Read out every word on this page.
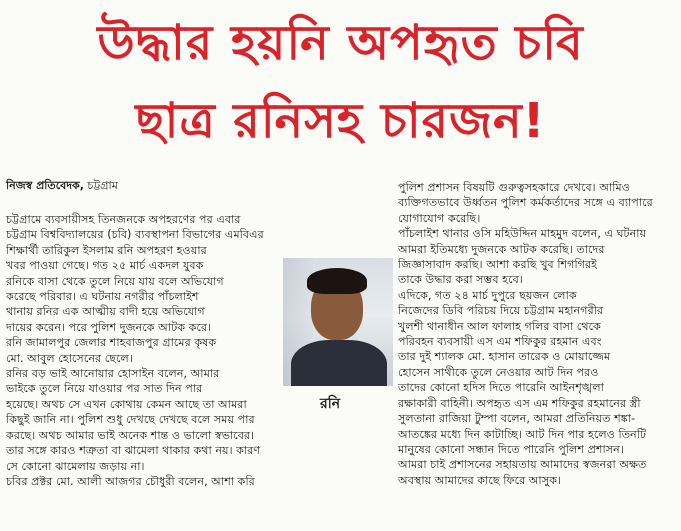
উদ্ধার হয়নি অপহৃত চবি
ছাত্র রনিসহ চারজন!
নিজস্ব প্রতিবেদক, চট্টগ্রাম
চট্টগ্রামে ব্যবসায়ীসহ তিনজনকে অপহরণের পর এবার
চট্টগ্রাম বিশ্ববিদ্যালয়ের (চবি) ব্যবস্থাপনা বিভাগের এমবিএর
শিক্ষার্থী তারিকুল ইসলাম রনি অপহরণ হওয়ার
খবর পাওয়া গেছে। গত ২৫ মার্চ একদল যুবক
রনিকে বাসা থেকে তুলে নিয়ে যায় বলে অভিযোগ
করেছে পরিবার। এ ঘটনায় নগরীর পাঁচলাইশ
থানায় রনির এক আত্মীয় বাদী হয়ে অভিযোগ
দায়ের করেন। পরে পুলিশ দুজনকে আটক করে।
রনি জামালপুর জেলার শাহবাজপুর গ্রামের কৃষক
মো. আবুল হোসেনের ছেলে।
রনির বড় ভাই আনোয়ার হোসাইন বলেন, আমার
ভাইকে তুলে নিয়ে যাওয়ার পর সাত দিন পার
হয়েছে। অথচ সে এখন কোথায় কেমন আছে তা আমরা
কিছুই জানি না। পুলিশ শুধু দেখছে দেখছে বলে সময় পার
করছে। অথচ আমার ভাই অনেক শান্ত ও ভালো স্বভাবের।
তার সঙ্গে কারও শত্রুতা বা ঝামেলা থাকার কথা নয়। কারণ
সে কোনো ঝামেলায় জড়ায় না।
চবির প্রক্টর মো. আলী আজগর চৌধুরী বলেন, আশা করি
রনি
পুলিশ প্রশাসন বিষয়টি গুরুত্বসহকারে দেখবে। আমিও
ব্যক্তিগতভাবে উর্ধ্বতন পুলিশ কর্মকর্তাদের সঙ্গে এ ব্যাপারে
যোগাযোগ করেছি।
পাঁচলাইশ থানার ওসি মহিউদ্দিন মাহমুদ বলেন, এ ঘটনায়
আমরা ইতিমধ্যে দুজনকে আটক করেছি। তাদের
জিজ্ঞাসাবাদ করছি। আশা করছি খুব শিগগিরই
তাকে উদ্ধার করা সম্ভব হবে।
এদিকে, গত ২৪ মার্চ দুপুরে ছয়জন লোক
নিজেদের ডিবি পরিচয় দিয়ে চট্টগ্রাম মহানগরীর
খুলশী থানাধীন আল ফালাহ গলির বাসা থেকে
পরিবহন ব্যবসায়ী এস এম শফিকুর রহমান এবং
তার দুই শ্যালক মো. হাসান তারেক ও মোয়াজ্জেম
হোসেন সাথীকে তুলে নেওয়ার আট দিন পরও
তাদের কোনো হদিস দিতে পারেনি আইনশৃঙ্খলা
রক্ষাকারী বাহিনী। অপহৃত এস এম শফিকুর রহমানের স্ত্রী
সুলতানা রাজিয়া টুম্পা বলেন, আমরা প্রতিনিয়ত শঙ্কা-
আতঙ্কের মধ্যে দিন কাটাচ্ছি। আট দিন পার হলেও তিনটি
মানুষের কোনো সন্ধান দিতে পারেনি পুলিশ প্রশাসন।
আমরা চাই প্রশাসনের সহায়তায় আমাদের স্বজনরা অক্ষত
অবস্থায় আমাদের কাছে ফিরে আসুক।
